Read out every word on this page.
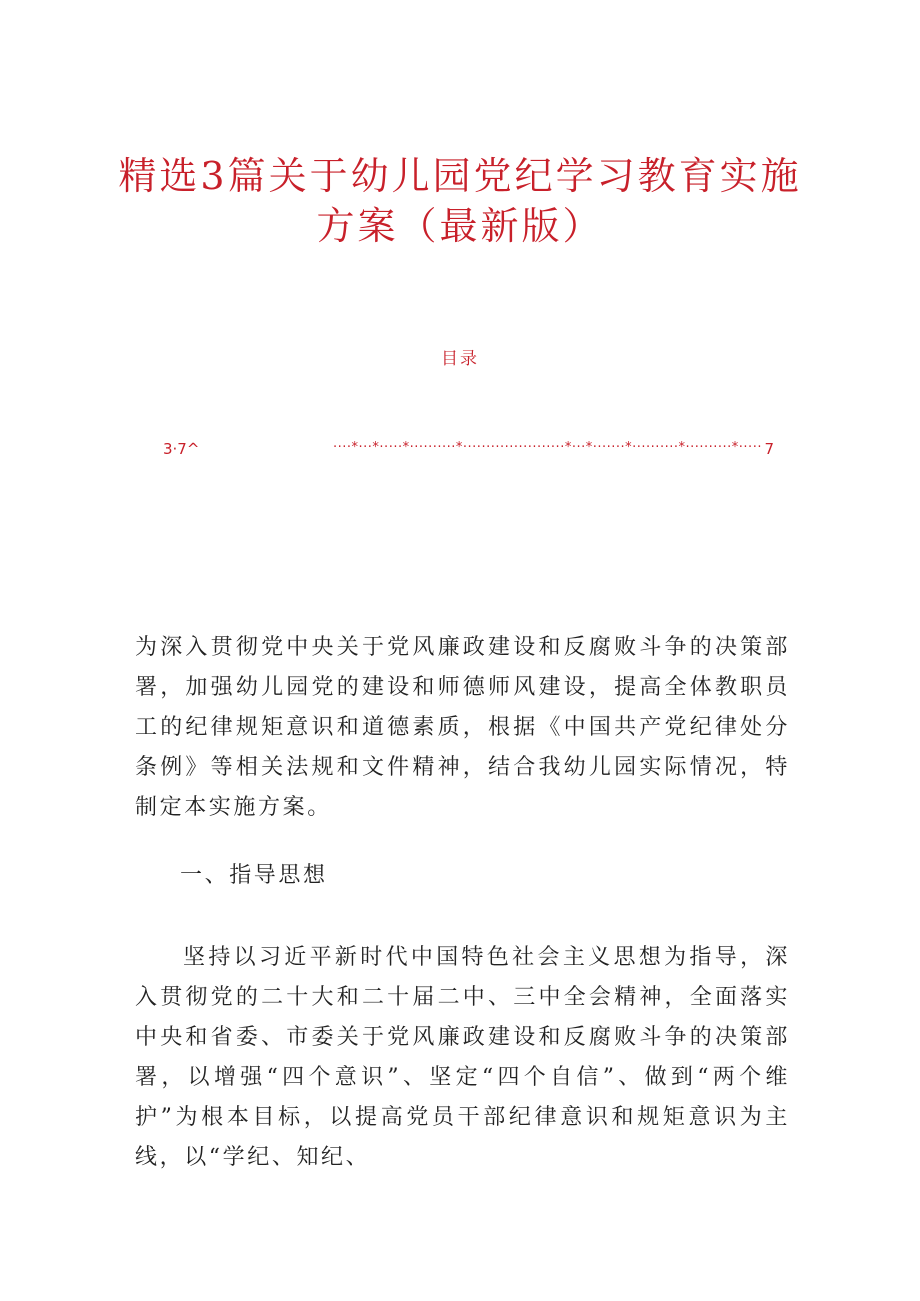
精选3篇关于幼儿园党纪学习教育实施
方案（最新版）
目录
3·7^	····*···*·····*··········*······················*···*·······*··········*··········*····· 7

为深入贯彻党中央关于党风廉政建设和反腐败斗争的决策部署，加强幼儿园党的建设和师德师风建设，提高全体教职员工的纪律规矩意识和道德素质，根据《中国共产党纪律处分条例》等相关法规和文件精神，结合我幼儿园实际情况，特制定本实施方案。

一、指导思想

坚持以习近平新时代中国特色社会主义思想为指导，深入贯彻党的二十大和二十届二中、三中全会精神，全面落实中央和省委、市委关于党风廉政建设和反腐败斗争的决策部署，以增强“四个意识”、坚定“四个自信”、做到“两个维护”为根本目标，以提高党员干部纪律意识和规矩意识为主线，以“学纪、知纪、
